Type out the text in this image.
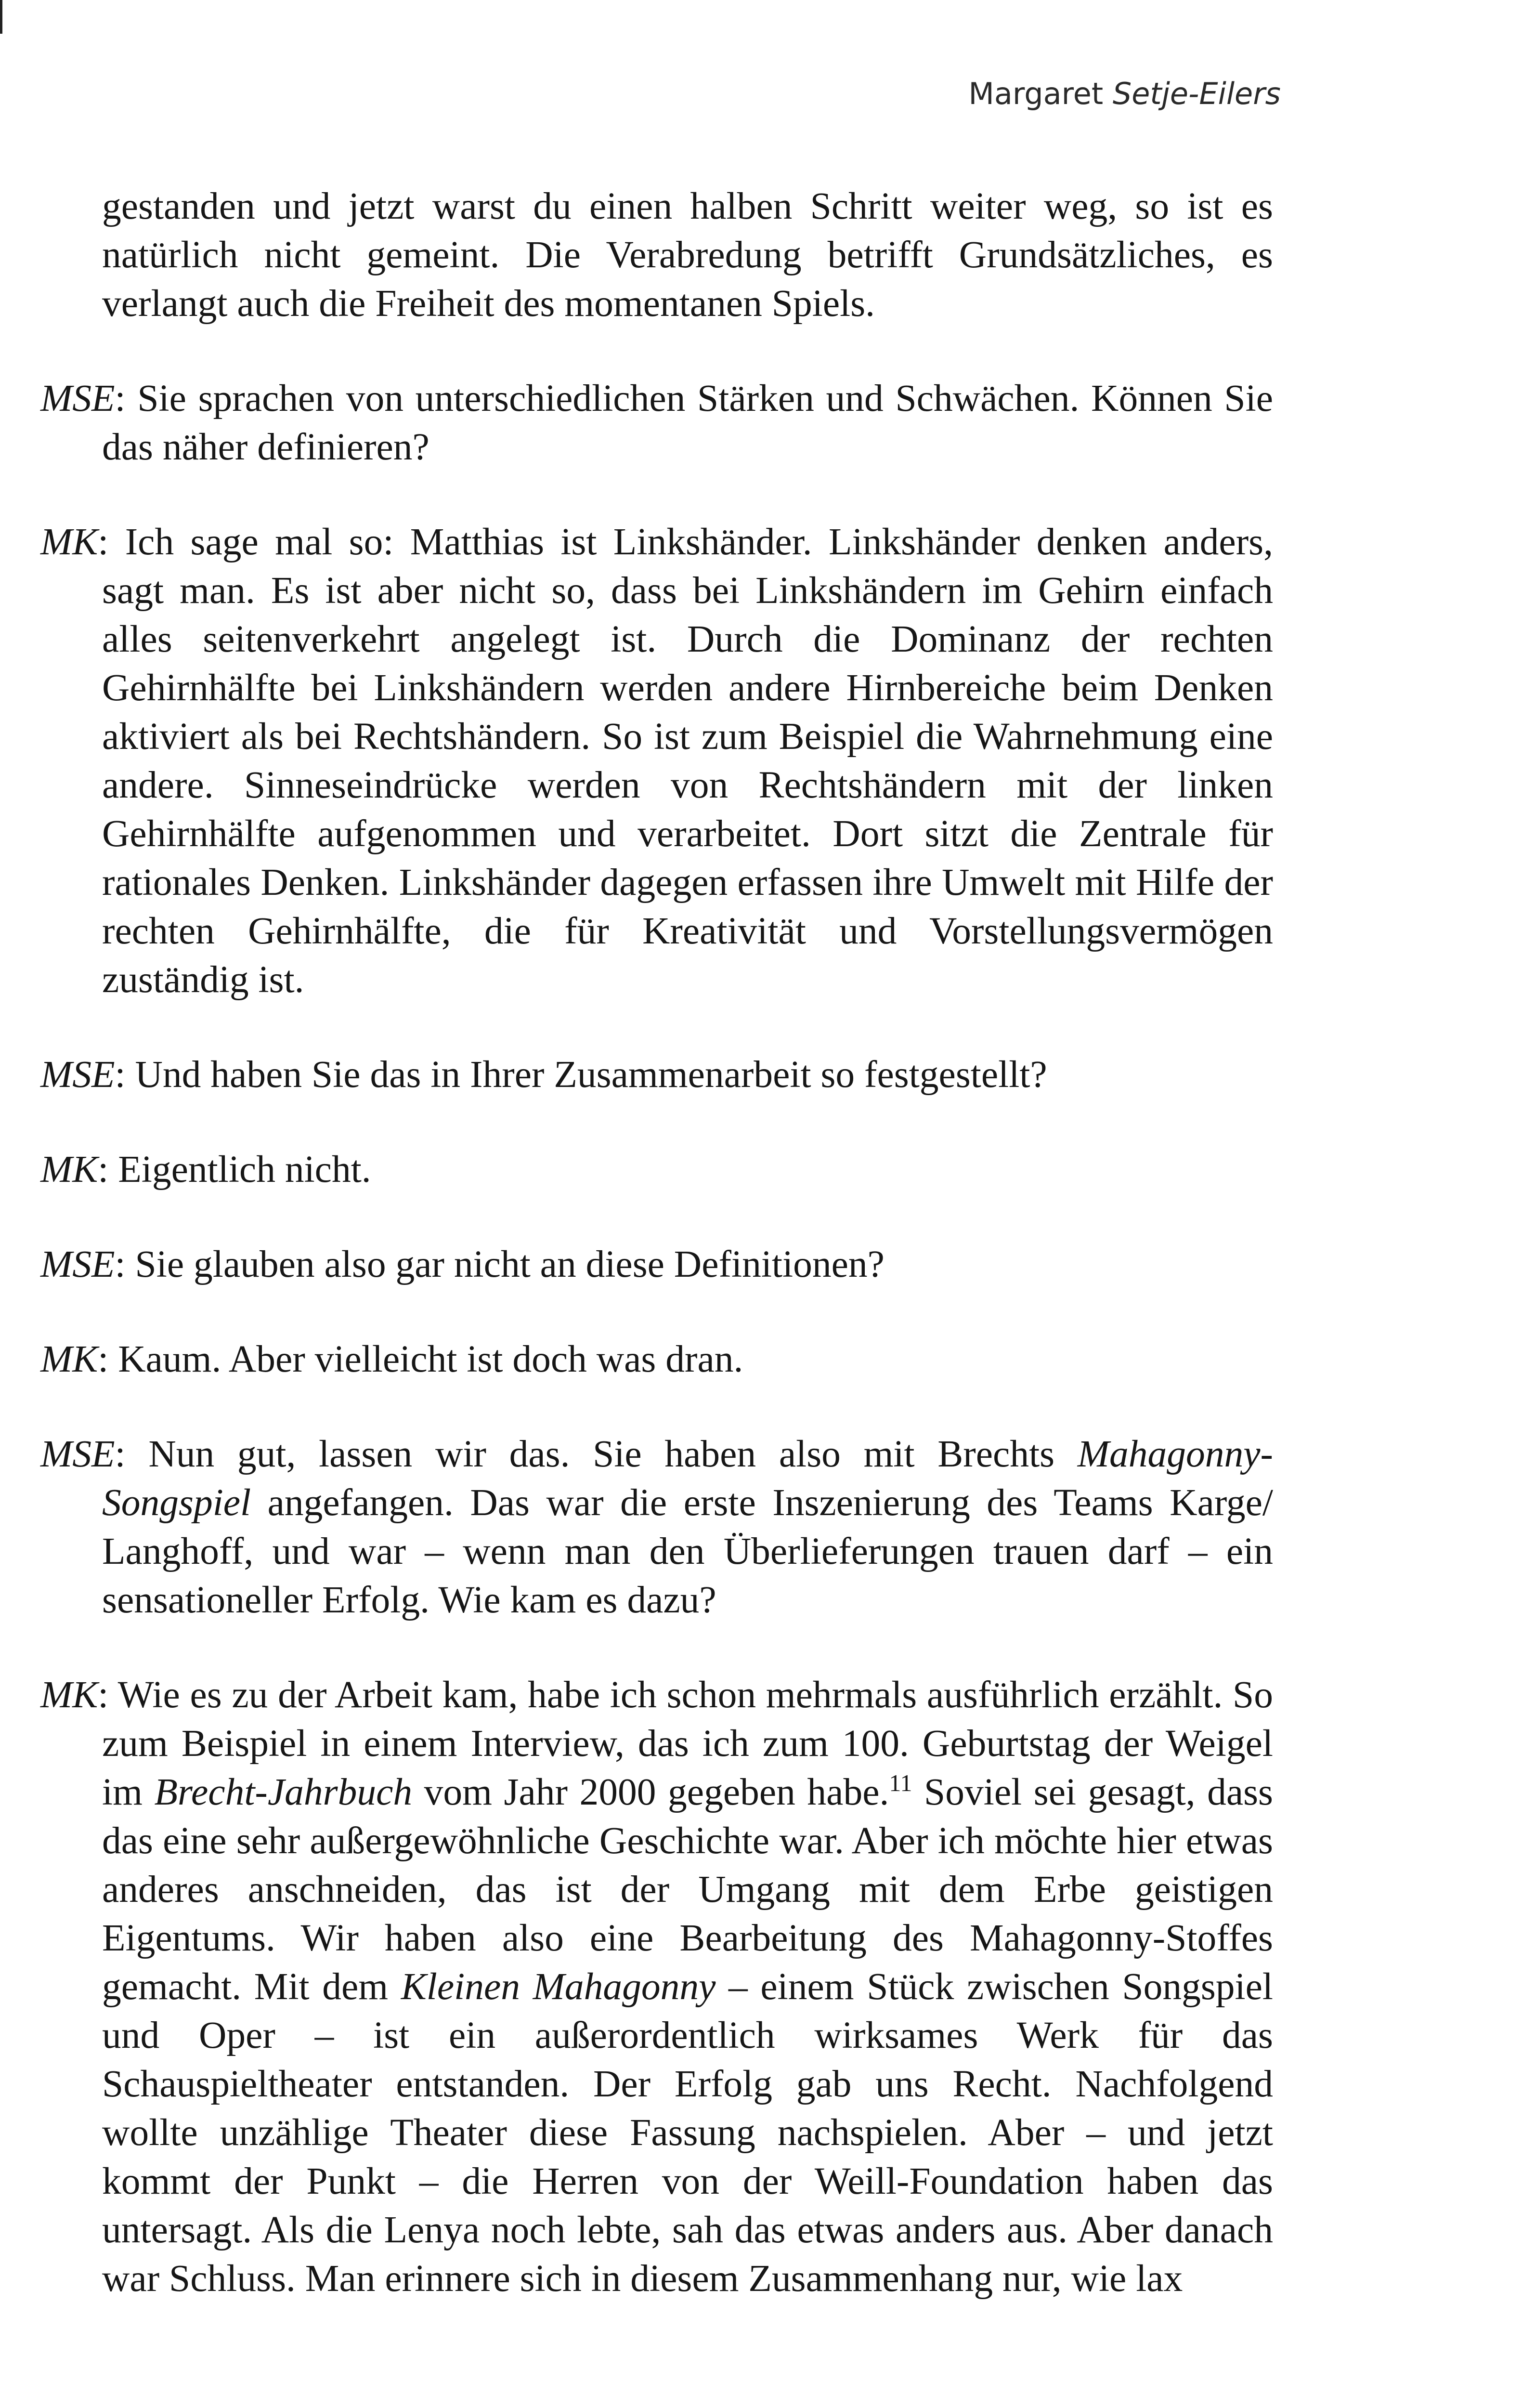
Margaret Setje-Eilers

gestanden und jetzt warst du einen halben Schritt weiter weg, so ist es natürlich nicht gemeint. Die Verabredung betrifft Grundsätzliches, es verlangt auch die Freiheit des momentanen Spiels.

MSE: Sie sprachen von unterschiedlichen Stärken und Schwächen. Können Sie das näher definieren?

MK: Ich sage mal so: Matthias ist Linkshänder. Linkshänder denken anders, sagt man. Es ist aber nicht so, dass bei Linkshändern im Gehirn einfach alles seitenverkehrt angelegt ist. Durch die Dominanz der rechten Gehirnhälfte bei Linkshändern werden andere Hirnbereiche beim Denken aktiviert als bei Rechtshändern. So ist zum Beispiel die Wahrnehmung eine andere. Sinneseindrücke werden von Rechtshändern mit der linken Gehirnhälfte aufgenommen und verarbeitet. Dort sitzt die Zentrale für rationales Denken. Linkshänder dagegen erfassen ihre Umwelt mit Hilfe der rechten Gehirnhälfte, die für Kreativität und Vorstellungsvermögen zuständig ist.

MSE: Und haben Sie das in Ihrer Zusammenarbeit so festgestellt?

MK: Eigentlich nicht.

MSE: Sie glauben also gar nicht an diese Definitionen?

MK: Kaum. Aber vielleicht ist doch was dran.

MSE: Nun gut, lassen wir das. Sie haben also mit Brechts Mahagonny-Songspiel angefangen. Das war die erste Inszenierung des Teams Karge/ Langhoff, und war – wenn man den Überlieferungen trauen darf – ein sensationeller Erfolg. Wie kam es dazu?

MK: Wie es zu der Arbeit kam, habe ich schon mehrmals ausführlich erzählt. So zum Beispiel in einem Interview, das ich zum 100. Geburtstag der Weigel im Brecht-Jahrbuch vom Jahr 2000 gegeben habe.$^{11}$ Soviel sei gesagt, dass das eine sehr außergewöhnliche Geschichte war. Aber ich möchte hier etwas anderes anschneiden, das ist der Umgang mit dem Erbe geistigen Eigentums. Wir haben also eine Bearbeitung des Mahagonny-Stoffes gemacht. Mit dem Kleinen Mahagonny – einem Stück zwischen Songspiel und Oper – ist ein außerordentlich wirksames Werk für das Schauspieltheater entstanden. Der Erfolg gab uns Recht. Nachfolgend wollte unzählige Theater diese Fassung nachspielen. Aber – und jetzt kommt der Punkt – die Herren von der Weill-Foundation haben das untersagt. Als die Lenya noch lebte, sah das etwas anders aus. Aber danach war Schluss. Man erinnere sich in diesem Zusammenhang nur, wie lax
